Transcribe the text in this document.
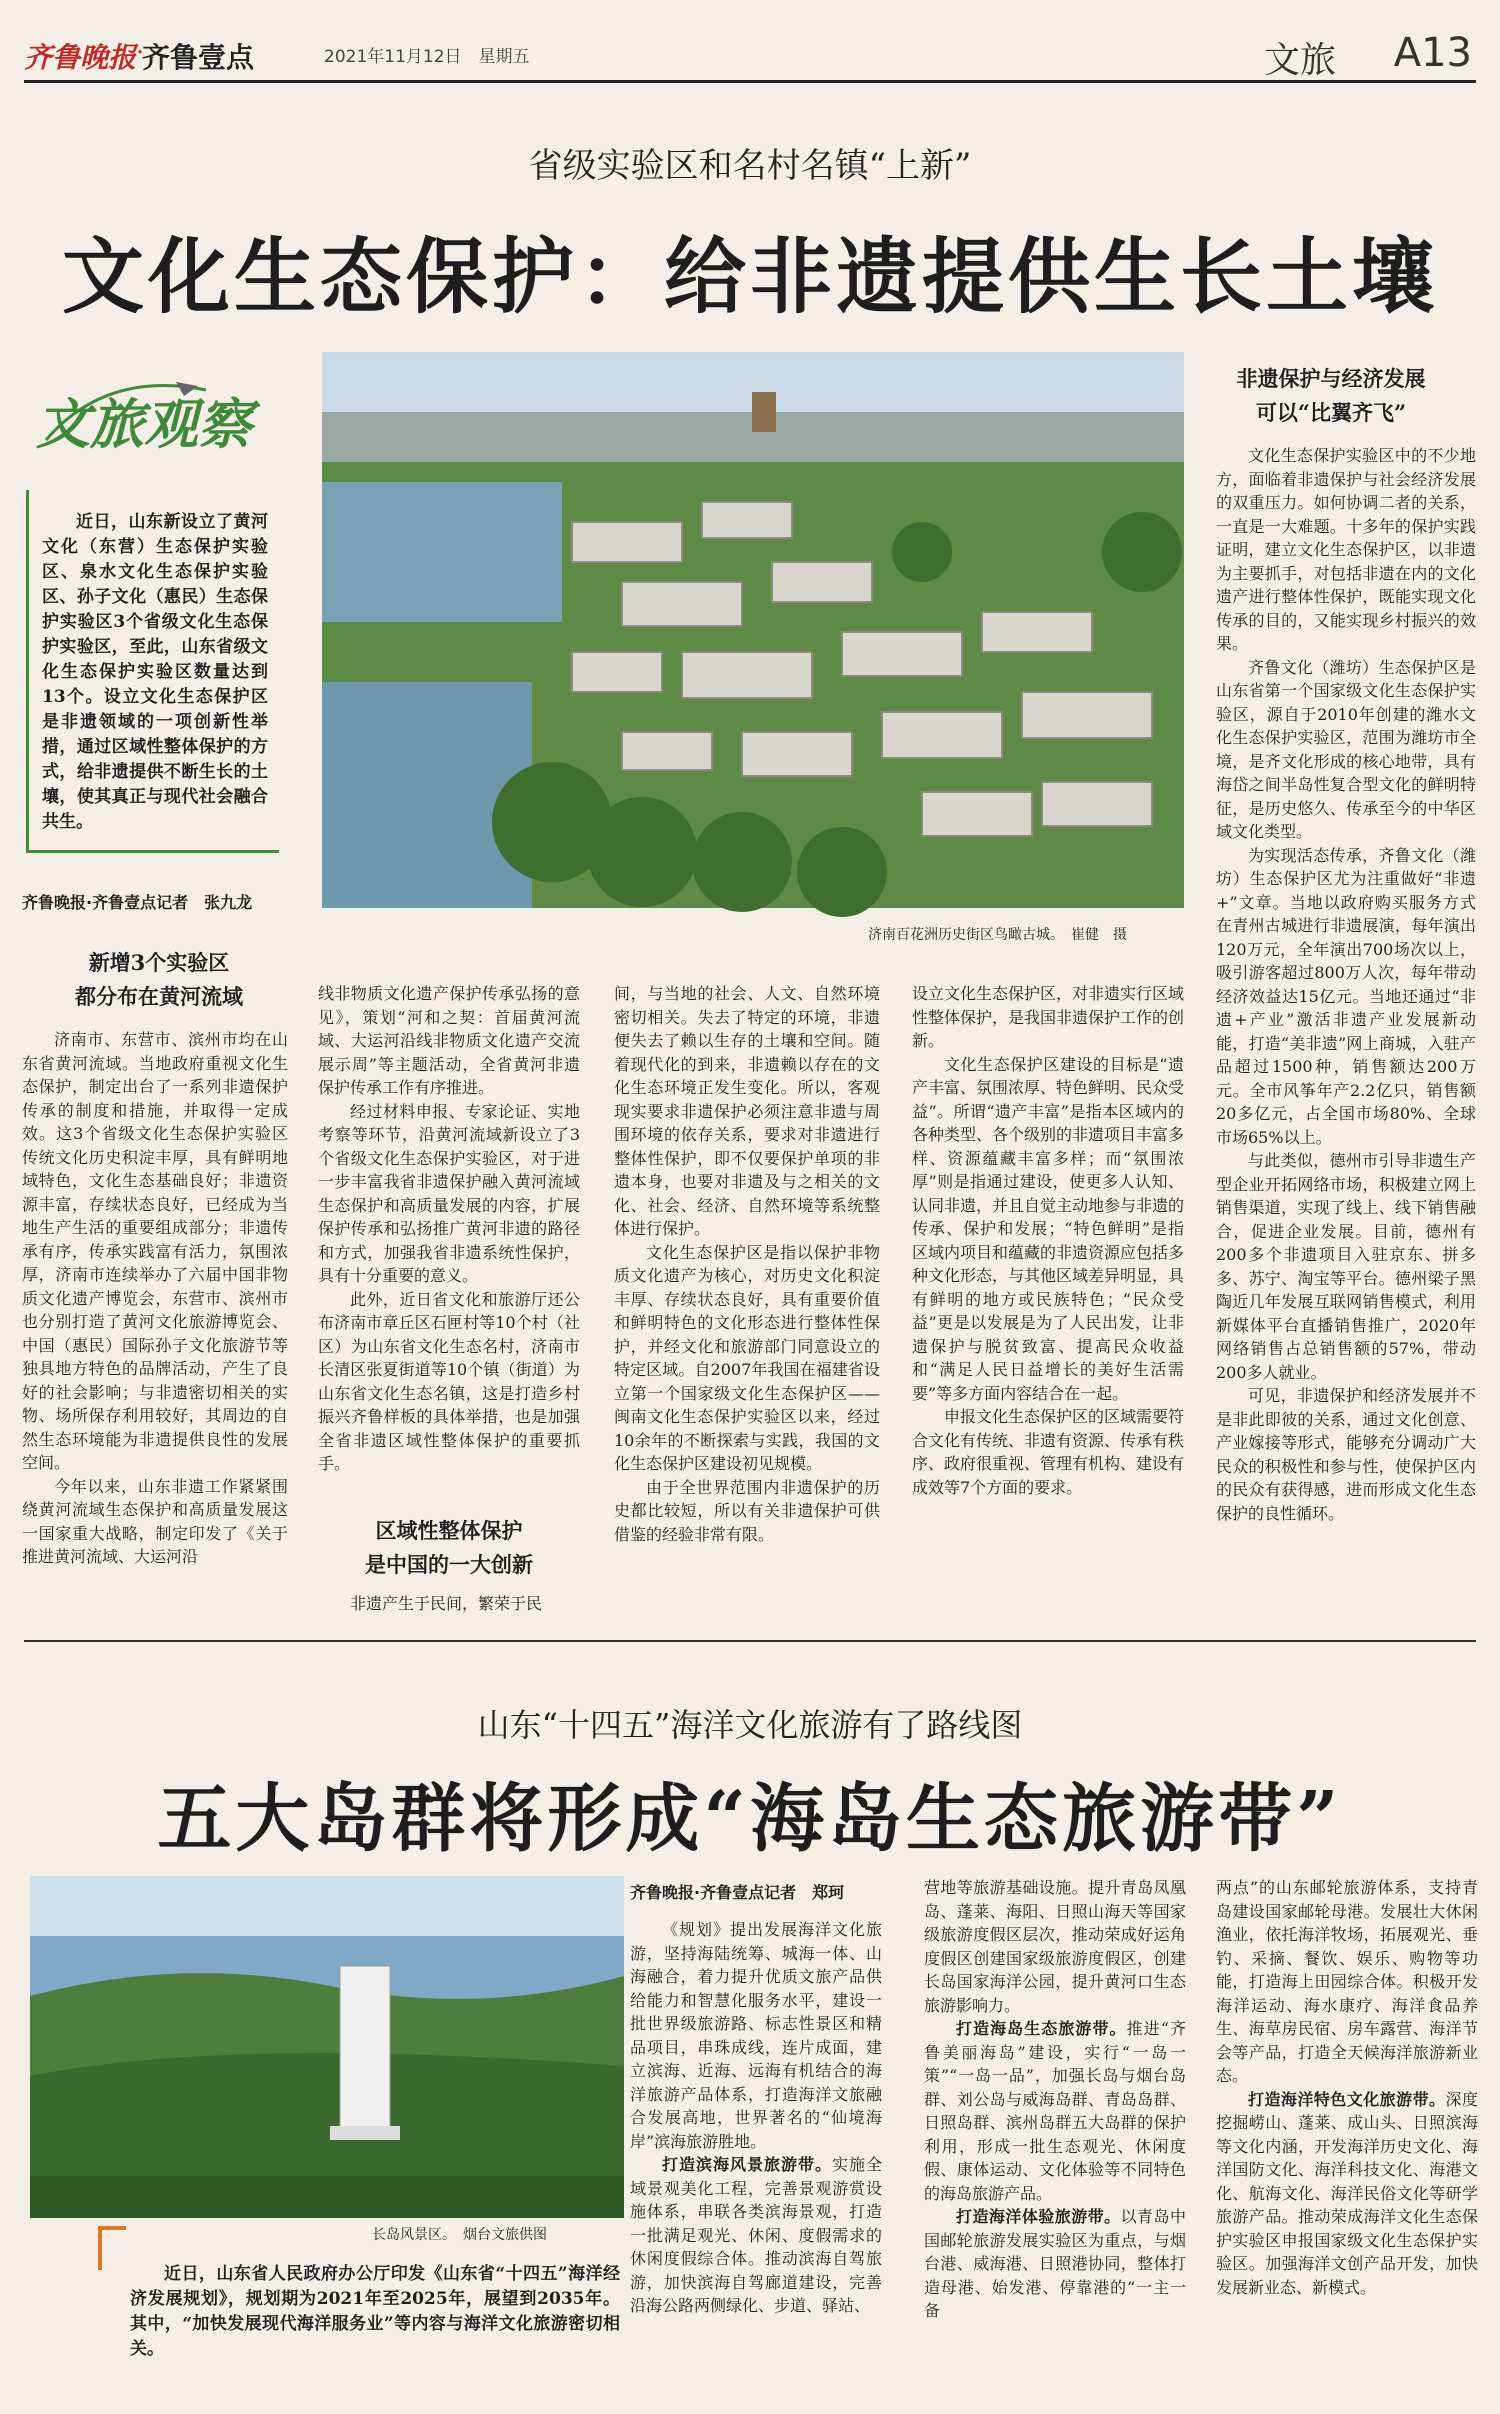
齐鲁晚报 ·
齐鲁壹点	2021年11月12日　星期五	文旅 A13
省级实验区和名村名镇“上新”
文化生态保护：给非遗提供生长土壤
文旅观察
近日，山东新设立了黄河文化（东营）生态保护实验区、泉水文化生态保护实验区、孙子文化（惠民）生态保护实验区3个省级文化生态保护实验区，至此，山东省级文化生态保护实验区数量达到13个。设立文化生态保护区是非遗领域的一项创新性举措，通过区域性整体保护的方式，给非遗提供不断生长的土壤，使其真正与现代社会融合共生。
齐鲁晚报·齐鲁壹点记者　张九龙
济南百花洲历史街区鸟瞰古城。　崔健　摄
非遗保护与经济发展
可以“比翼齐飞”

文化生态保护实验区中的不少地方，面临着非遗保护与社会经济发展的双重压力。如何协调二者的关系，一直是一大难题。十多年的保护实践证明，建立文化生态保护区，以非遗为主要抓手，对包括非遗在内的文化遗产进行整体性保护，既能实现文化传承的目的，又能实现乡村振兴的效果。

齐鲁文化（潍坊）生态保护区是山东省第一个国家级文化生态保护实验区，源自于2010年创建的潍水文化生态保护实验区，范围为潍坊市全境，是齐文化形成的核心地带，具有海岱之间半岛性复合型文化的鲜明特征，是历史悠久、传承至今的中华区域文化类型。

为实现活态传承，齐鲁文化（潍坊）生态保护区尤为注重做好“非遗+”文章。当地以政府购买服务方式在青州古城进行非遗展演，每年演出120万元，全年演出700场次以上，吸引游客超过800万人次，每年带动经济效益达15亿元。当地还通过“非遗+产业”激活非遗产业发展新动能，打造“美非遗”网上商城，入驻产品超过1500种，销售额达200万元。全市风筝年产2.2亿只，销售额20多亿元，占全国市场80%、全球市场65%以上。

与此类似，德州市引导非遗生产型企业开拓网络市场，积极建立网上销售渠道，实现了线上、线下销售融合，促进企业发展。目前，德州有200多个非遗项目入驻京东、拼多多、苏宁、淘宝等平台。德州梁子黑陶近几年发展互联网销售模式，利用新媒体平台直播销售推广，2020年网络销售占总销售额的57%，带动200多人就业。

可见，非遗保护和经济发展并不是非此即彼的关系，通过文化创意、产业嫁接等形式，能够充分调动广大民众的积极性和参与性，使保护区内的民众有获得感，进而形成文化生态保护的良性循环。

新增3个实验区
都分布在黄河流域

济南市、东营市、滨州市均在山东省黄河流域。当地政府重视文化生态保护，制定出台了一系列非遗保护传承的制度和措施，并取得一定成效。这3个省级文化生态保护实验区传统文化历史积淀丰厚，具有鲜明地域特色，文化生态基础良好；非遗资源丰富，存续状态良好，已经成为当地生产生活的重要组成部分；非遗传承有序，传承实践富有活力，氛围浓厚，济南市连续举办了六届中国非物质文化遗产博览会，东营市、滨州市也分别打造了黄河文化旅游博览会、中国（惠民）国际孙子文化旅游节等独具地方特色的品牌活动，产生了良好的社会影响；与非遗密切相关的实物、场所保存利用较好，其周边的自然生态环境能为非遗提供良性的发展空间。

今年以来，山东非遗工作紧紧围绕黄河流域生态保护和高质量发展这一国家重大战略，制定印发了《关于推进黄河流域、大运河沿

线非物质文化遗产保护传承弘扬的意见》，策划“河和之契：首届黄河流域、大运河沿线非物质文化遗产交流展示周”等主题活动，全省黄河非遗保护传承工作有序推进。

经过材料申报、专家论证、实地考察等环节，沿黄河流域新设立了3个省级文化生态保护实验区，对于进一步丰富我省非遗保护融入黄河流域生态保护和高质量发展的内容，扩展保护传承和弘扬推广黄河非遗的路径和方式，加强我省非遗系统性保护，具有十分重要的意义。

此外，近日省文化和旅游厅还公布济南市章丘区石匣村等10个村（社区）为山东省文化生态名村，济南市长清区张夏街道等10个镇（街道）为山东省文化生态名镇，这是打造乡村振兴齐鲁样板的具体举措，也是加强全省非遗区域性整体保护的重要抓手。

区域性整体保护
是中国的一大创新

非遗产生于民间，繁荣于民

间，与当地的社会、人文、自然环境密切相关。失去了特定的环境，非遗便失去了赖以生存的土壤和空间。随着现代化的到来，非遗赖以存在的文化生态环境正发生变化。所以，客观现实要求非遗保护必须注意非遗与周围环境的依存关系，要求对非遗进行整体性保护，即不仅要保护单项的非遗本身，也要对非遗及与之相关的文化、社会、经济、自然环境等系统整体进行保护。

文化生态保护区是指以保护非物质文化遗产为核心，对历史文化积淀丰厚、存续状态良好，具有重要价值和鲜明特色的文化形态进行整体性保护，并经文化和旅游部门同意设立的特定区域。自2007年我国在福建省设立第一个国家级文化生态保护区——闽南文化生态保护实验区以来，经过10余年的不断探索与实践，我国的文化生态保护区建设初见规模。

由于全世界范围内非遗保护的历史都比较短，所以有关非遗保护可供借鉴的经验非常有限。

设立文化生态保护区，对非遗实行区域性整体保护，是我国非遗保护工作的创新。

文化生态保护区建设的目标是“遗产丰富、氛围浓厚、特色鲜明、民众受益”。所谓“遗产丰富”是指本区域内的各种类型、各个级别的非遗项目丰富多样、资源蕴藏丰富多样；而“氛围浓厚”则是指通过建设，使更多人认知、认同非遗，并且自觉主动地参与非遗的传承、保护和发展；“特色鲜明”是指区域内项目和蕴藏的非遗资源应包括多种文化形态，与其他区域差异明显，具有鲜明的地方或民族特色；“民众受益”更是以发展是为了人民出发，让非遗保护与脱贫致富、提高民众收益和“满足人民日益增长的美好生活需要”等多方面内容结合在一起。

申报文化生态保护区的区域需要符合文化有传统、非遗有资源、传承有秩序、政府很重视、管理有机构、建设有成效等7个方面的要求。

山东“十四五”海洋文化旅游有了路线图
五大岛群将形成“海岛生态旅游带”
长岛风景区。　烟台文旅供图
近日，山东省人民政府办公厅印发《山东省“十四五”海洋经济发展规划》，规划期为2021年至2025年，展望到2035年。其中，“加快发展现代海洋服务业”等内容与海洋文化旅游密切相关。
齐鲁晚报·齐鲁壹点记者　郑珂

《规划》提出发展海洋文化旅游，坚持海陆统筹、城海一体、山海融合，着力提升优质文旅产品供给能力和智慧化服务水平，建设一批世界级旅游路、标志性景区和精品项目，串珠成线，连片成面，建立滨海、近海、远海有机结合的海洋旅游产品体系，打造海洋文旅融合发展高地，世界著名的“仙境海岸”滨海旅游胜地。

打造滨海风景旅游带。实施全域景观美化工程，完善景观游赏设施体系，串联各类滨海景观，打造一批满足观光、休闲、度假需求的休闲度假综合体。推动滨海自驾旅游，加快滨海自驾廊道建设，完善沿海公路两侧绿化、步道、驿站、

营地等旅游基础设施。提升青岛凤凰岛、蓬莱、海阳、日照山海天等国家级旅游度假区层次，推动荣成好运角度假区创建国家级旅游度假区，创建长岛国家海洋公园，提升黄河口生态旅游影响力。

打造海岛生态旅游带。推进“齐鲁美丽海岛”建设，实行“一岛一策”“一岛一品”，加强长岛与烟台岛群、刘公岛与威海岛群、青岛岛群、日照岛群、滨州岛群五大岛群的保护利用，形成一批生态观光、休闲度假、康体运动、文化体验等不同特色的海岛旅游产品。

打造海洋体验旅游带。以青岛中国邮轮旅游发展实验区为重点，与烟台港、威海港、日照港协同，整体打造母港、始发港、停靠港的“一主一备

两点”的山东邮轮旅游体系，支持青岛建设国家邮轮母港。发展壮大休闲渔业，依托海洋牧场，拓展观光、垂钓、采摘、餐饮、娱乐、购物等功能，打造海上田园综合体。积极开发海洋运动、海水康疗、海洋食品养生、海草房民宿、房车露营、海洋节会等产品，打造全天候海洋旅游新业态。

打造海洋特色文化旅游带。深度挖掘崂山、蓬莱、成山头、日照滨海等文化内涵，开发海洋历史文化、海洋国防文化、海洋科技文化、海港文化、航海文化、海洋民俗文化等研学旅游产品。推动荣成海洋文化生态保护实验区申报国家级文化生态保护实验区。加强海洋文创产品开发，加快发展新业态、新模式。
